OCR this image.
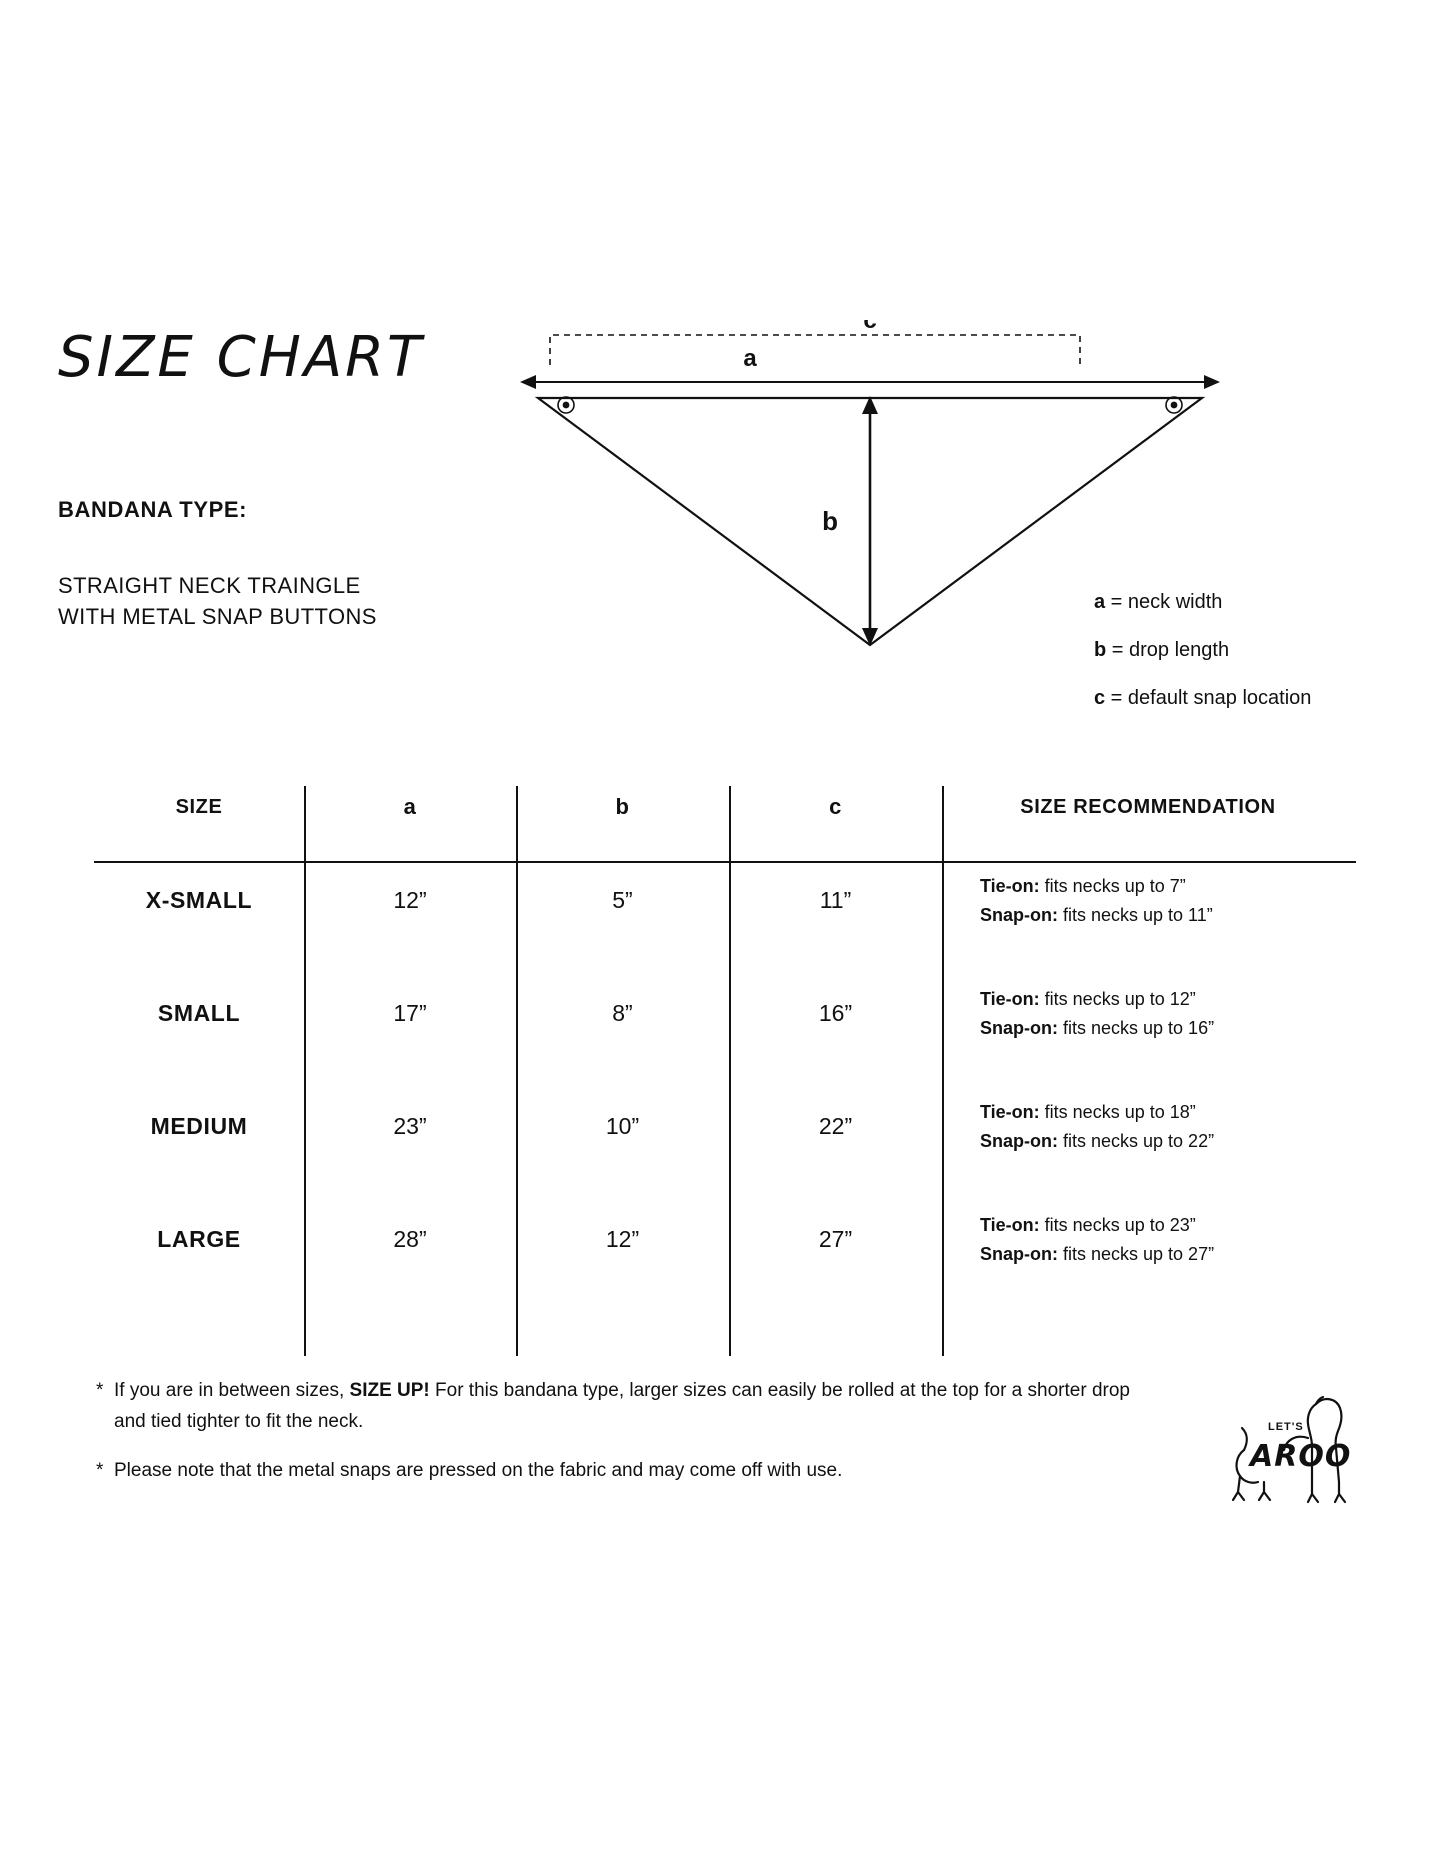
SIZE CHART
BANDANA TYPE:
STRAIGHT NECK TRAINGLE
WITH METAL SNAP BUTTONS
c
a
b
a = neck width
b = drop length
c = default snap location
SIZE	a	b	c	SIZE RECOMMENDATION
X-SMALL	12”	5”	11”	Tie-on: fits necks up to 7”
Snap-on: fits necks up to 11”

SMALL	17”	8”	16”	Tie-on: fits necks up to 12”
Snap-on: fits necks up to 16”

MEDIUM	23”	10”	22”	Tie-on: fits necks up to 18”
Snap-on: fits necks up to 22”

LARGE	28”	12”	27”	Tie-on: fits necks up to 23”
Snap-on: fits necks up to 27”
* If you are in between sizes, SIZE UP! For this bandana type, larger sizes can easily be rolled at the top for a shorter drop and tied tighter to fit the neck.
* Please note that the metal snaps are pressed on the fabric and may come off with use.
LET'S
AROO
